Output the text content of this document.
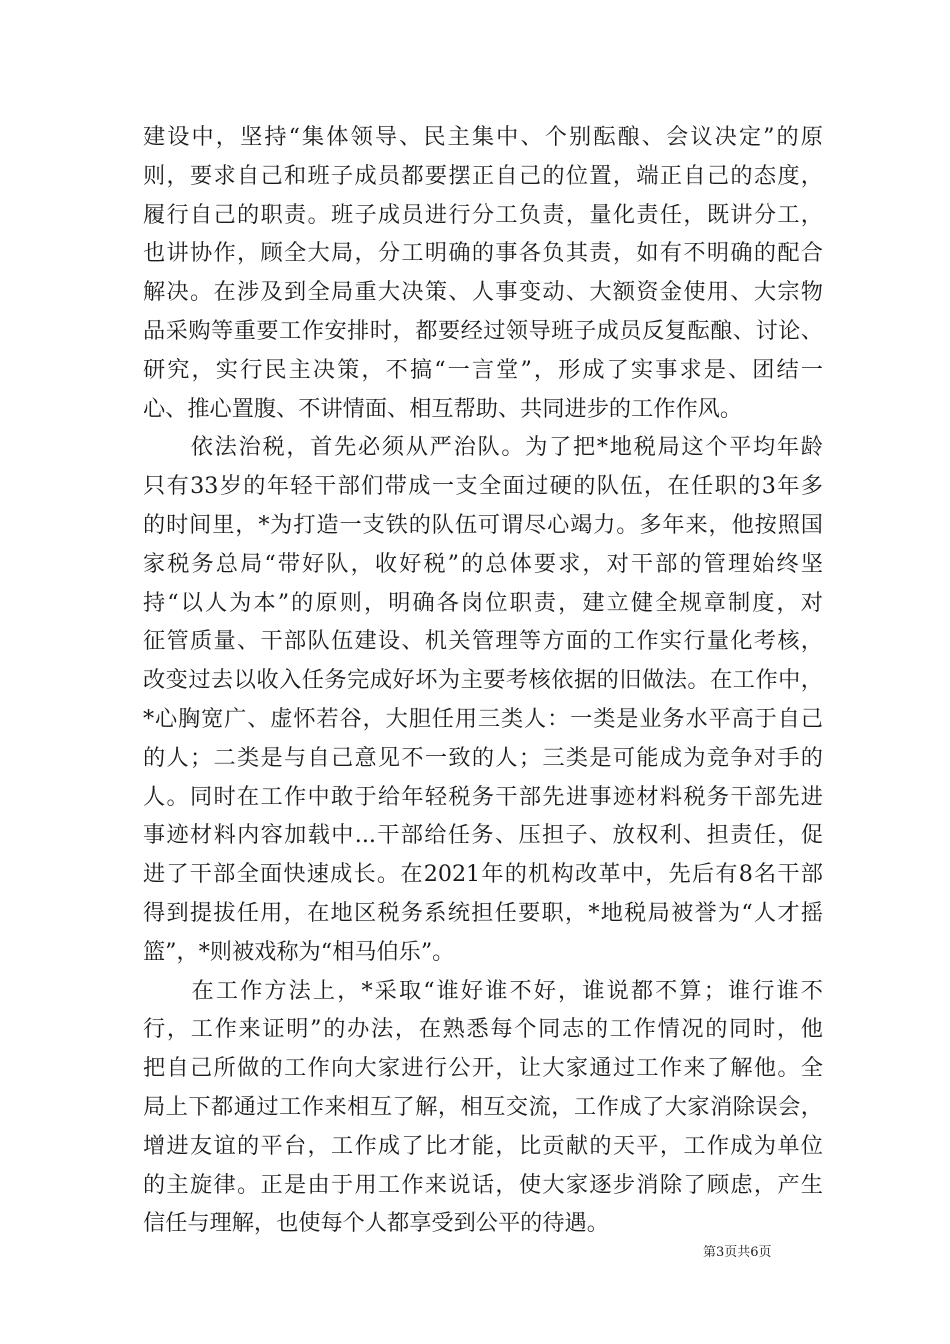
建设中，坚持“集体领导、民主集中、个别酝酿、会议决定”的原
则，要求自己和班子成员都要摆正自己的位置，端正自己的态度，
履行自己的职责。班子成员进行分工负责，量化责任，既讲分工，
也讲协作，顾全大局，分工明确的事各负其责，如有不明确的配合
解决。在涉及到全局重大决策、人事变动、大额资金使用、大宗物
品采购等重要工作安排时，都要经过领导班子成员反复酝酿、讨论、
研究，实行民主决策，不搞“一言堂”，形成了实事求是、团结一
心、推心置腹、不讲情面、相互帮助、共同进步的工作作风。
　　依法治税，首先必须从严治队。为了把*地税局这个平均年龄
只有33岁的年轻干部们带成一支全面过硬的队伍，在任职的3年多
的时间里，*为打造一支铁的队伍可谓尽心竭力。多年来，他按照国
家税务总局“带好队，收好税”的总体要求，对干部的管理始终坚
持“以人为本”的原则，明确各岗位职责，建立健全规章制度，对
征管质量、干部队伍建设、机关管理等方面的工作实行量化考核，
改变过去以收入任务完成好坏为主要考核依据的旧做法。在工作中，
*心胸宽广、虚怀若谷，大胆任用三类人：一类是业务水平高于自己
的人；二类是与自己意见不一致的人；三类是可能成为竞争对手的
人。同时在工作中敢于给年轻税务干部先进事迹材料税务干部先进
事迹材料内容加载中...干部给任务、压担子、放权利、担责任，促
进了干部全面快速成长。在2021年的机构改革中，先后有8名干部
得到提拔任用，在地区税务系统担任要职，*地税局被誉为“人才摇
篮”，*则被戏称为“相马伯乐”。
　　在工作方法上，*采取“谁好谁不好，谁说都不算；谁行谁不
行，工作来证明”的办法，在熟悉每个同志的工作情况的同时，他
把自己所做的工作向大家进行公开，让大家通过工作来了解他。全
局上下都通过工作来相互了解，相互交流，工作成了大家消除误会，
增进友谊的平台，工作成了比才能，比贡献的天平，工作成为单位
的主旋律。正是由于用工作来说话，使大家逐步消除了顾虑，产生
信任与理解，也使每个人都享受到公平的待遇。
第3页共6页
